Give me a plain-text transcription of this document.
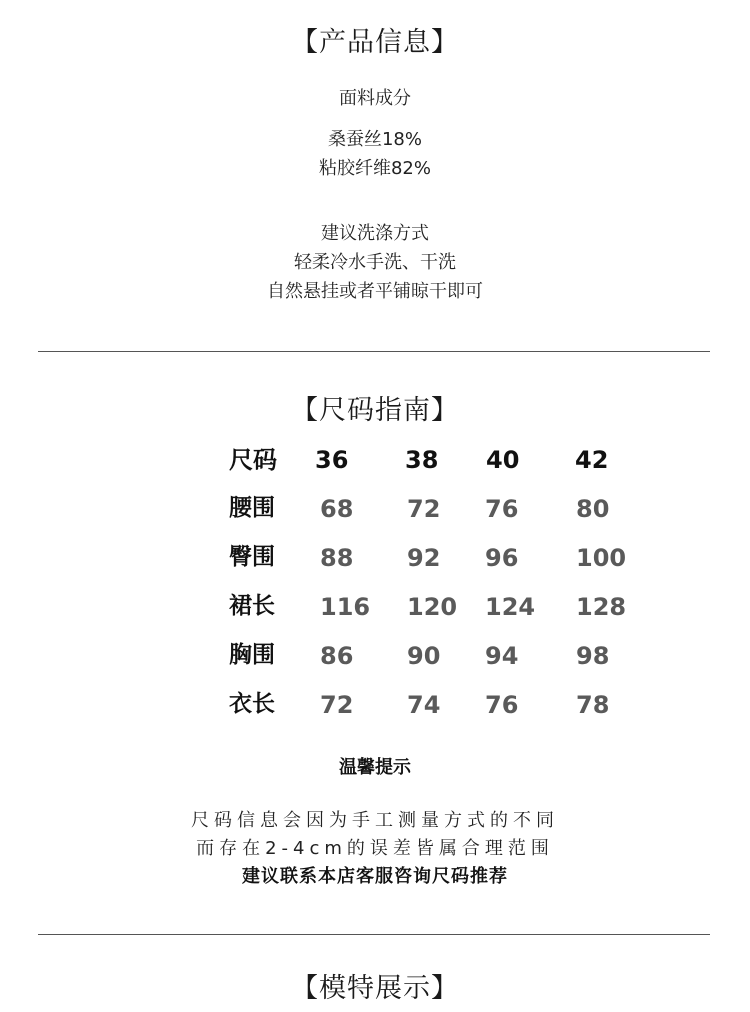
【产品信息】
面料成分
桑蚕丝18%
粘胶纤维82%
建议洗涤方式
轻柔冷水手洗、干洗
自然悬挂或者平铺晾干即可
【尺码指南】
尺码 36 38 40 42
腰围 68 72 76 80
臀围 88 92 96 100
裙长 116 120 124 128
胸围 86 90 94 98
衣长 72 74 76 78
温馨提示
尺码信息会因为手工测量方式的不同
而存在2-4cm的误差皆属合理范围
建议联系本店客服咨询尺码推荐
【模特展示】
